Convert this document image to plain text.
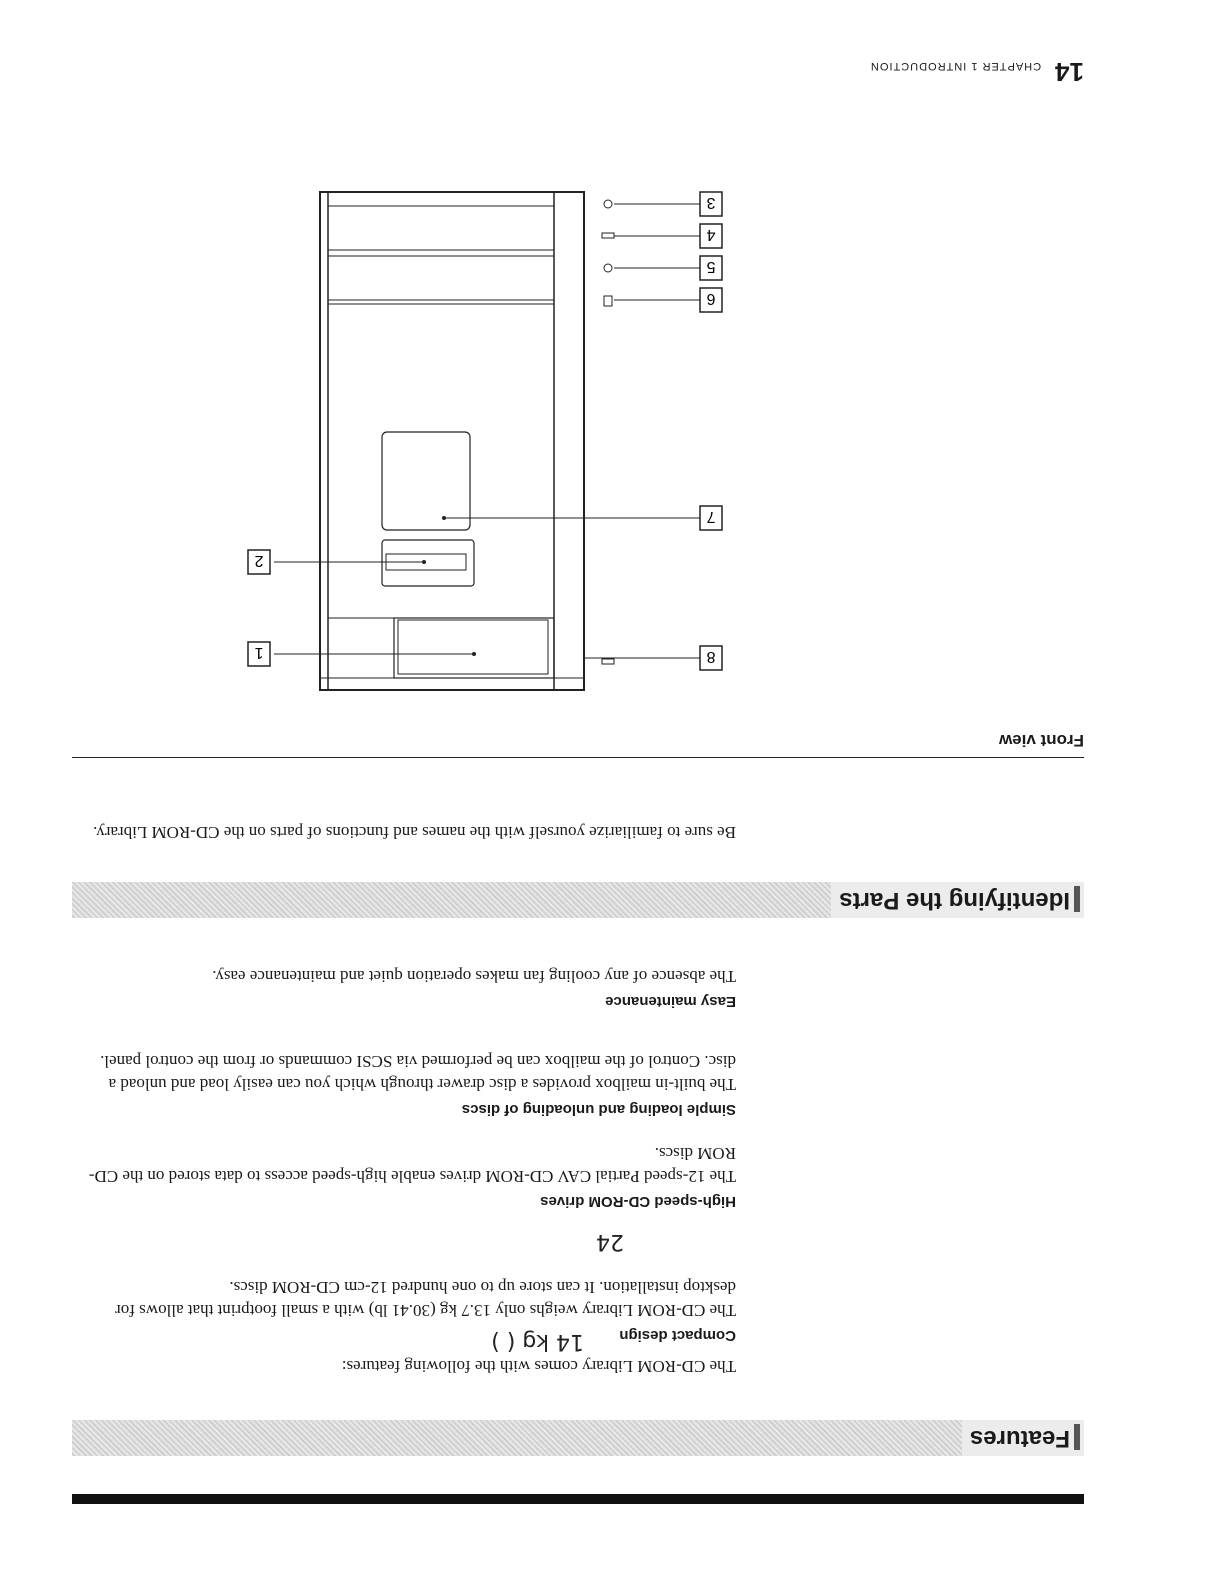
14
CHAPTER 1 INTRODUCTION
8
7
6
5
4
3
2
1
Front view

Be sure to familiarize yourself with the names and functions of parts on the CD-ROM Library.

Identifying the Parts
Easy maintenance

The absence of any cooling fan makes operation quiet and maintenance easy.

Simple loading and unloading of discs

The built-in mailbox provides a disc drawer through which you can easily load and unload a disc. Control of the mailbox can be performed via SCSI commands or from the control panel.

High-speed CD-ROM drives

The 12-speed Partial CAV CD-ROM drives enable high-speed access to data stored on the CD-ROM discs.

24
Compact design

The CD-ROM Library weighs only 13.7 kg (30.41 lb) with a small footprint that allows for desktop installation. It can store up to one hundred 12-cm CD-ROM discs.

14 kg ( )

The CD-ROM Library comes with the following features:

Features
